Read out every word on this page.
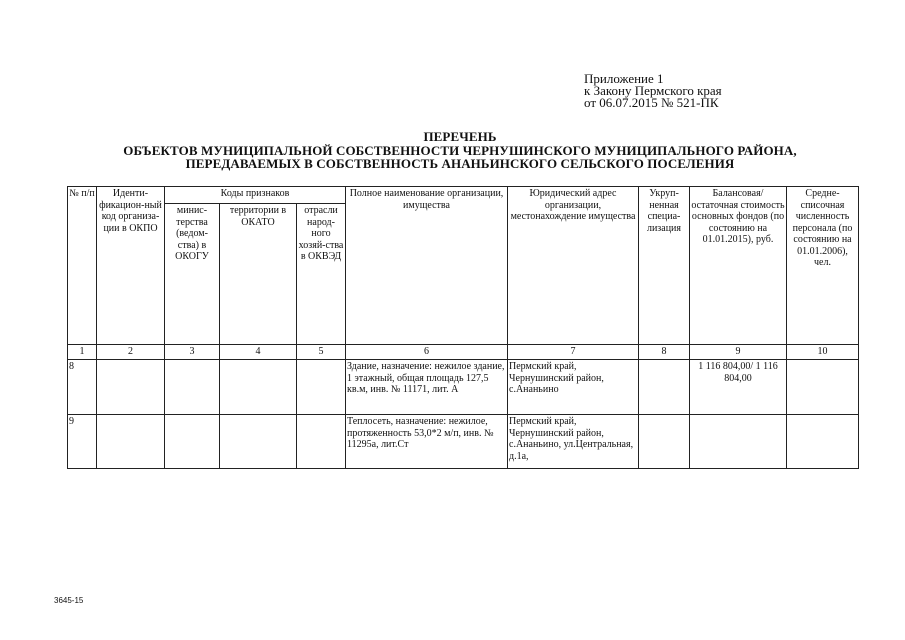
Приложение 1
к Закону Пермского края
от 06.07.2015 № 521-ПК
ПЕРЕЧЕНЬ
ОБЪЕКТОВ МУНИЦИПАЛЬНОЙ СОБСТВЕННОСТИ ЧЕРНУШИНСКОГО МУНИЦИПАЛЬНОГО РАЙОНА,
ПЕРЕДАВАЕМЫХ В СОБСТВЕННОСТЬ АНАНЬИНСКОГО СЕЛЬСКОГО ПОСЕЛЕНИЯ
№ п/п	Иденти-фикацион-ный код организа-ции в ОКПО	Коды признаков			Полное наименование организации, имущества	Юридический адрес организации, местонахождение имущества	Укруп-ненная специа-лизация	Балансовая/ остаточная стоимость основных фондов (по состоянию на 01.01.2015), руб.	Средне-списочная численность персонала (по состоянию на 01.01.2006), чел.
		минис-терства (ведом-ства) в ОКОГУ	территории в ОКАТО	отрасли народ-ного хозяй-ства в ОКВЭД					
1	2	3	4	5	6	7	8	9	10
8					Здание, назначение: нежилое здание, 1 этажный, общая площадь 127,5 кв.м, инв. № 11171, лит. А	Пермский край, Чернушинский район, с.Ананьино		1 116 804,00/ 1 116 804,00	
9					Теплосеть, назначение: нежилое, протяженность 53,0*2 м/п, инв. № 11295а, лит.Ст	Пермский край, Чернушинский район, с.Ананьино, ул.Центральная, д.1а,			
3645-15
